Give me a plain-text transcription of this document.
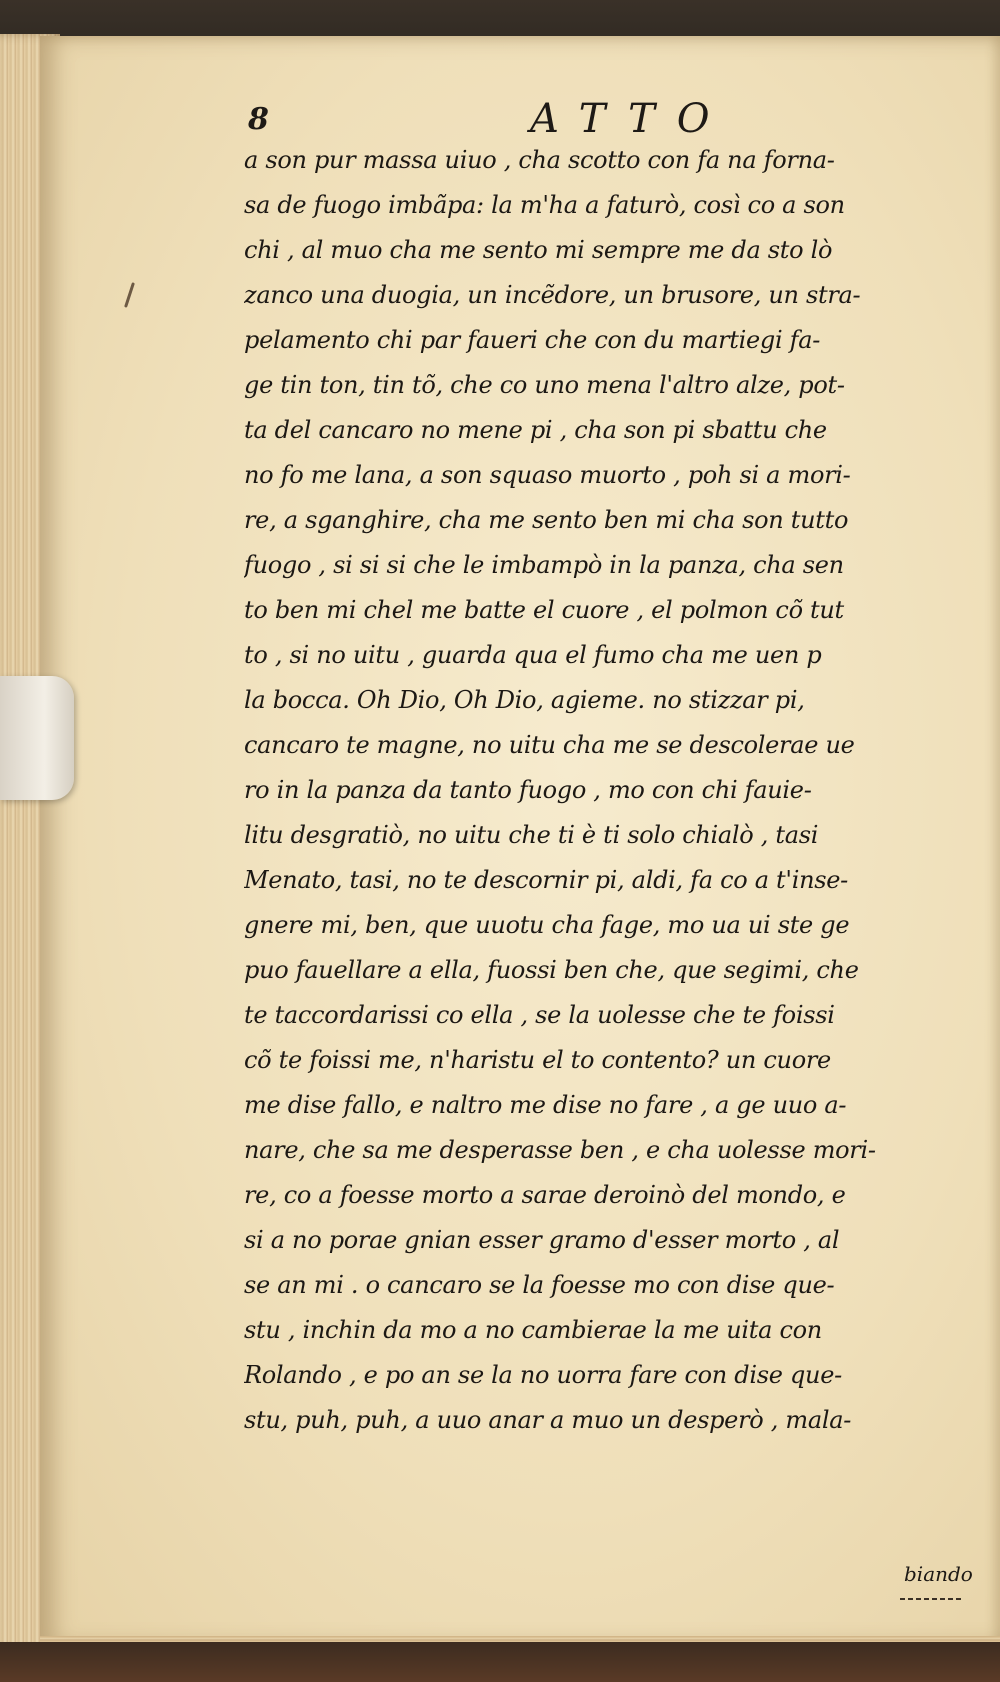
8	ATTO
a son pur massa uiuo , cha scotto con fa na forna-
sa de fuogo imbãpa: la m'ha a faturò, così co a son
chi , al muo cha me sento mi sempre me da sto lò
zanco una duogia, un incẽdore, un brusore, un stra-
pelamento chi par faueri che con du martiegi fa-
ge tin ton, tin tõ, che co uno mena l'altro alze, pot-
ta del cancaro no mene pi , cha son pi sbattu che
no fo me lana, a son squaso muorto , poh si a mori-
re, a sganghire, cha me sento ben mi cha son tutto
fuogo , si si si che le imbampò in la panza, cha sen
to ben mi chel me batte el cuore , el polmon cõ tut
to , si no uitu , guarda qua el fumo cha me uen p
la bocca. Oh Dio, Oh Dio, agieme. no stizzar pi,
cancaro te magne, no uitu cha me se descolerae ue
ro in la panza da tanto fuogo , mo con chi fauie-
litu desgratiò, no uitu che ti è ti solo chialò , tasi
Menato, tasi, no te descornir pi, aldi, fa co a t'inse-
gnere mi, ben, que uuotu cha fage, mo ua ui ste ge
puo fauellare a ella, fuossi ben che, que segimi, che
te taccordarissi co ella , se la uolesse che te foissi
cõ te foissi me, n'haristu el to contento? un cuore
me dise fallo, e naltro me dise no fare , a ge uuo a-
nare, che sa me desperasse ben , e cha uolesse mori-
re, co a foesse morto a sarae deroinò del mondo, e
si a no porae gnian esser gramo d'esser morto , al
se an mi . o cancaro se la foesse mo con dise que-
stu , inchin da mo a no cambierae la me uita con
Rolando , e po an se la no uorra fare con dise que-
stu, puh, puh, a uuo anar a muo un desperò , mala-
biando
